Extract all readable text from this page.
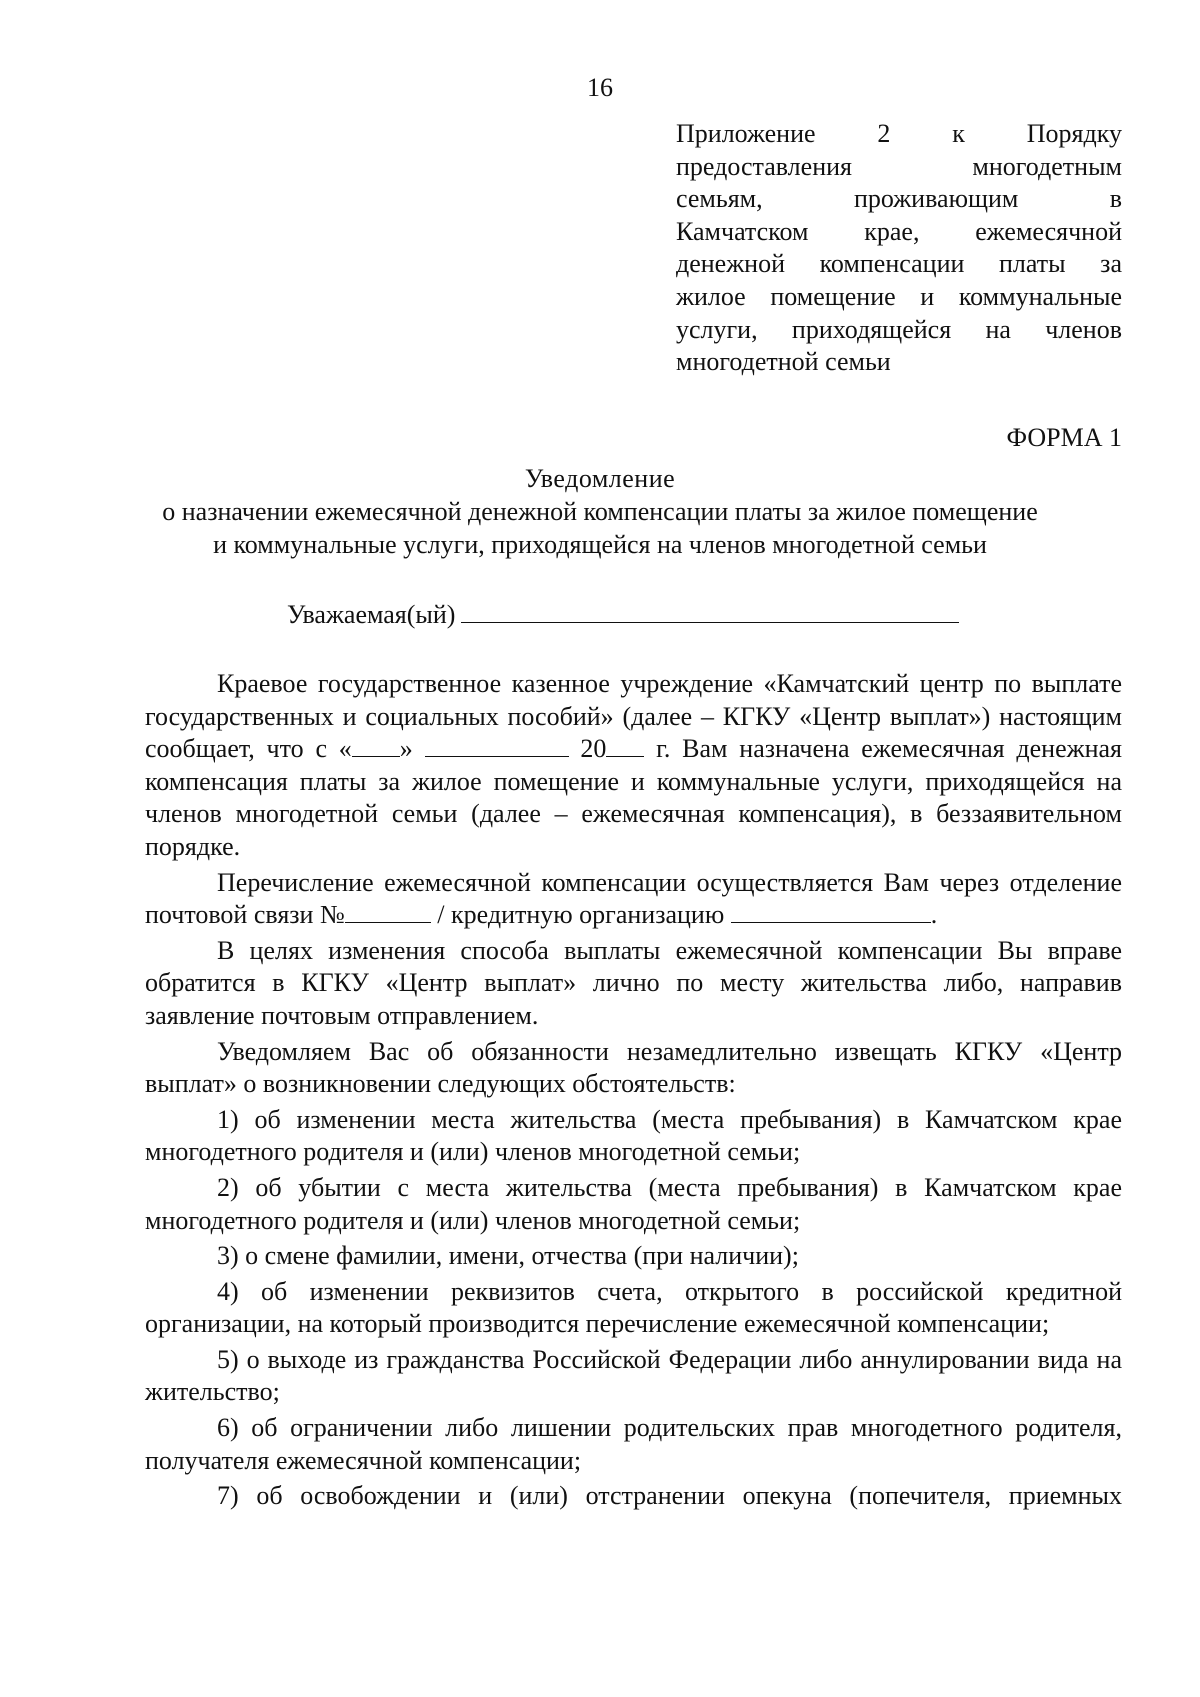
16
Приложение 2 к Порядку
предоставления многодетным
семьям, проживающим в
Камчатском крае, ежемесячной
денежной компенсации платы за
жилое помещение и коммунальные
услуги, приходящейся на членов
многодетной семьи
ФОРМА 1
Уведомление
о назначении ежемесячной денежной компенсации платы за жилое помещение
и коммунальные услуги, приходящейся на членов многодетной семьи
Уважаемая(ый)

Краевое государственное казенное учреждение «Камчатский центр по выплате государственных и социальных пособий» (далее – КГКУ «Центр выплат») настоящим сообщает, что с « »	20 г. Вам назначена ежемесячная денежная компенсация платы за жилое помещение и коммунальные услуги, приходящейся на членов многодетной семьи (далее – ежемесячная компенсация), в беззаявительном порядке.

Перечисление ежемесячной компенсации осуществляется Вам через отделение почтовой связи №	/ кредитную организацию	.

В целях изменения способа выплаты ежемесячной компенсации Вы вправе обратится в КГКУ «Центр выплат» лично по месту жительства либо, направив заявление почтовым отправлением.

Уведомляем Вас об обязанности незамедлительно извещать КГКУ «Центр выплат» о возникновении следующих обстоятельств:

1) об изменении места жительства (места пребывания) в Камчатском крае многодетного родителя и (или) членов многодетной семьи;

2) об убытии с места жительства (места пребывания) в Камчатском крае многодетного родителя и (или) членов многодетной семьи;

3) о смене фамилии, имени, отчества (при наличии);

4) об изменении реквизитов счета, открытого в российской кредитной организации, на который производится перечисление ежемесячной компенсации;

5) о выходе из гражданства Российской Федерации либо аннулировании вида на жительство;

6) об ограничении либо лишении родительских прав многодетного родителя, получателя ежемесячной компенсации;

7) об освобождении и (или) отстранении опекуна (попечителя, приемных
